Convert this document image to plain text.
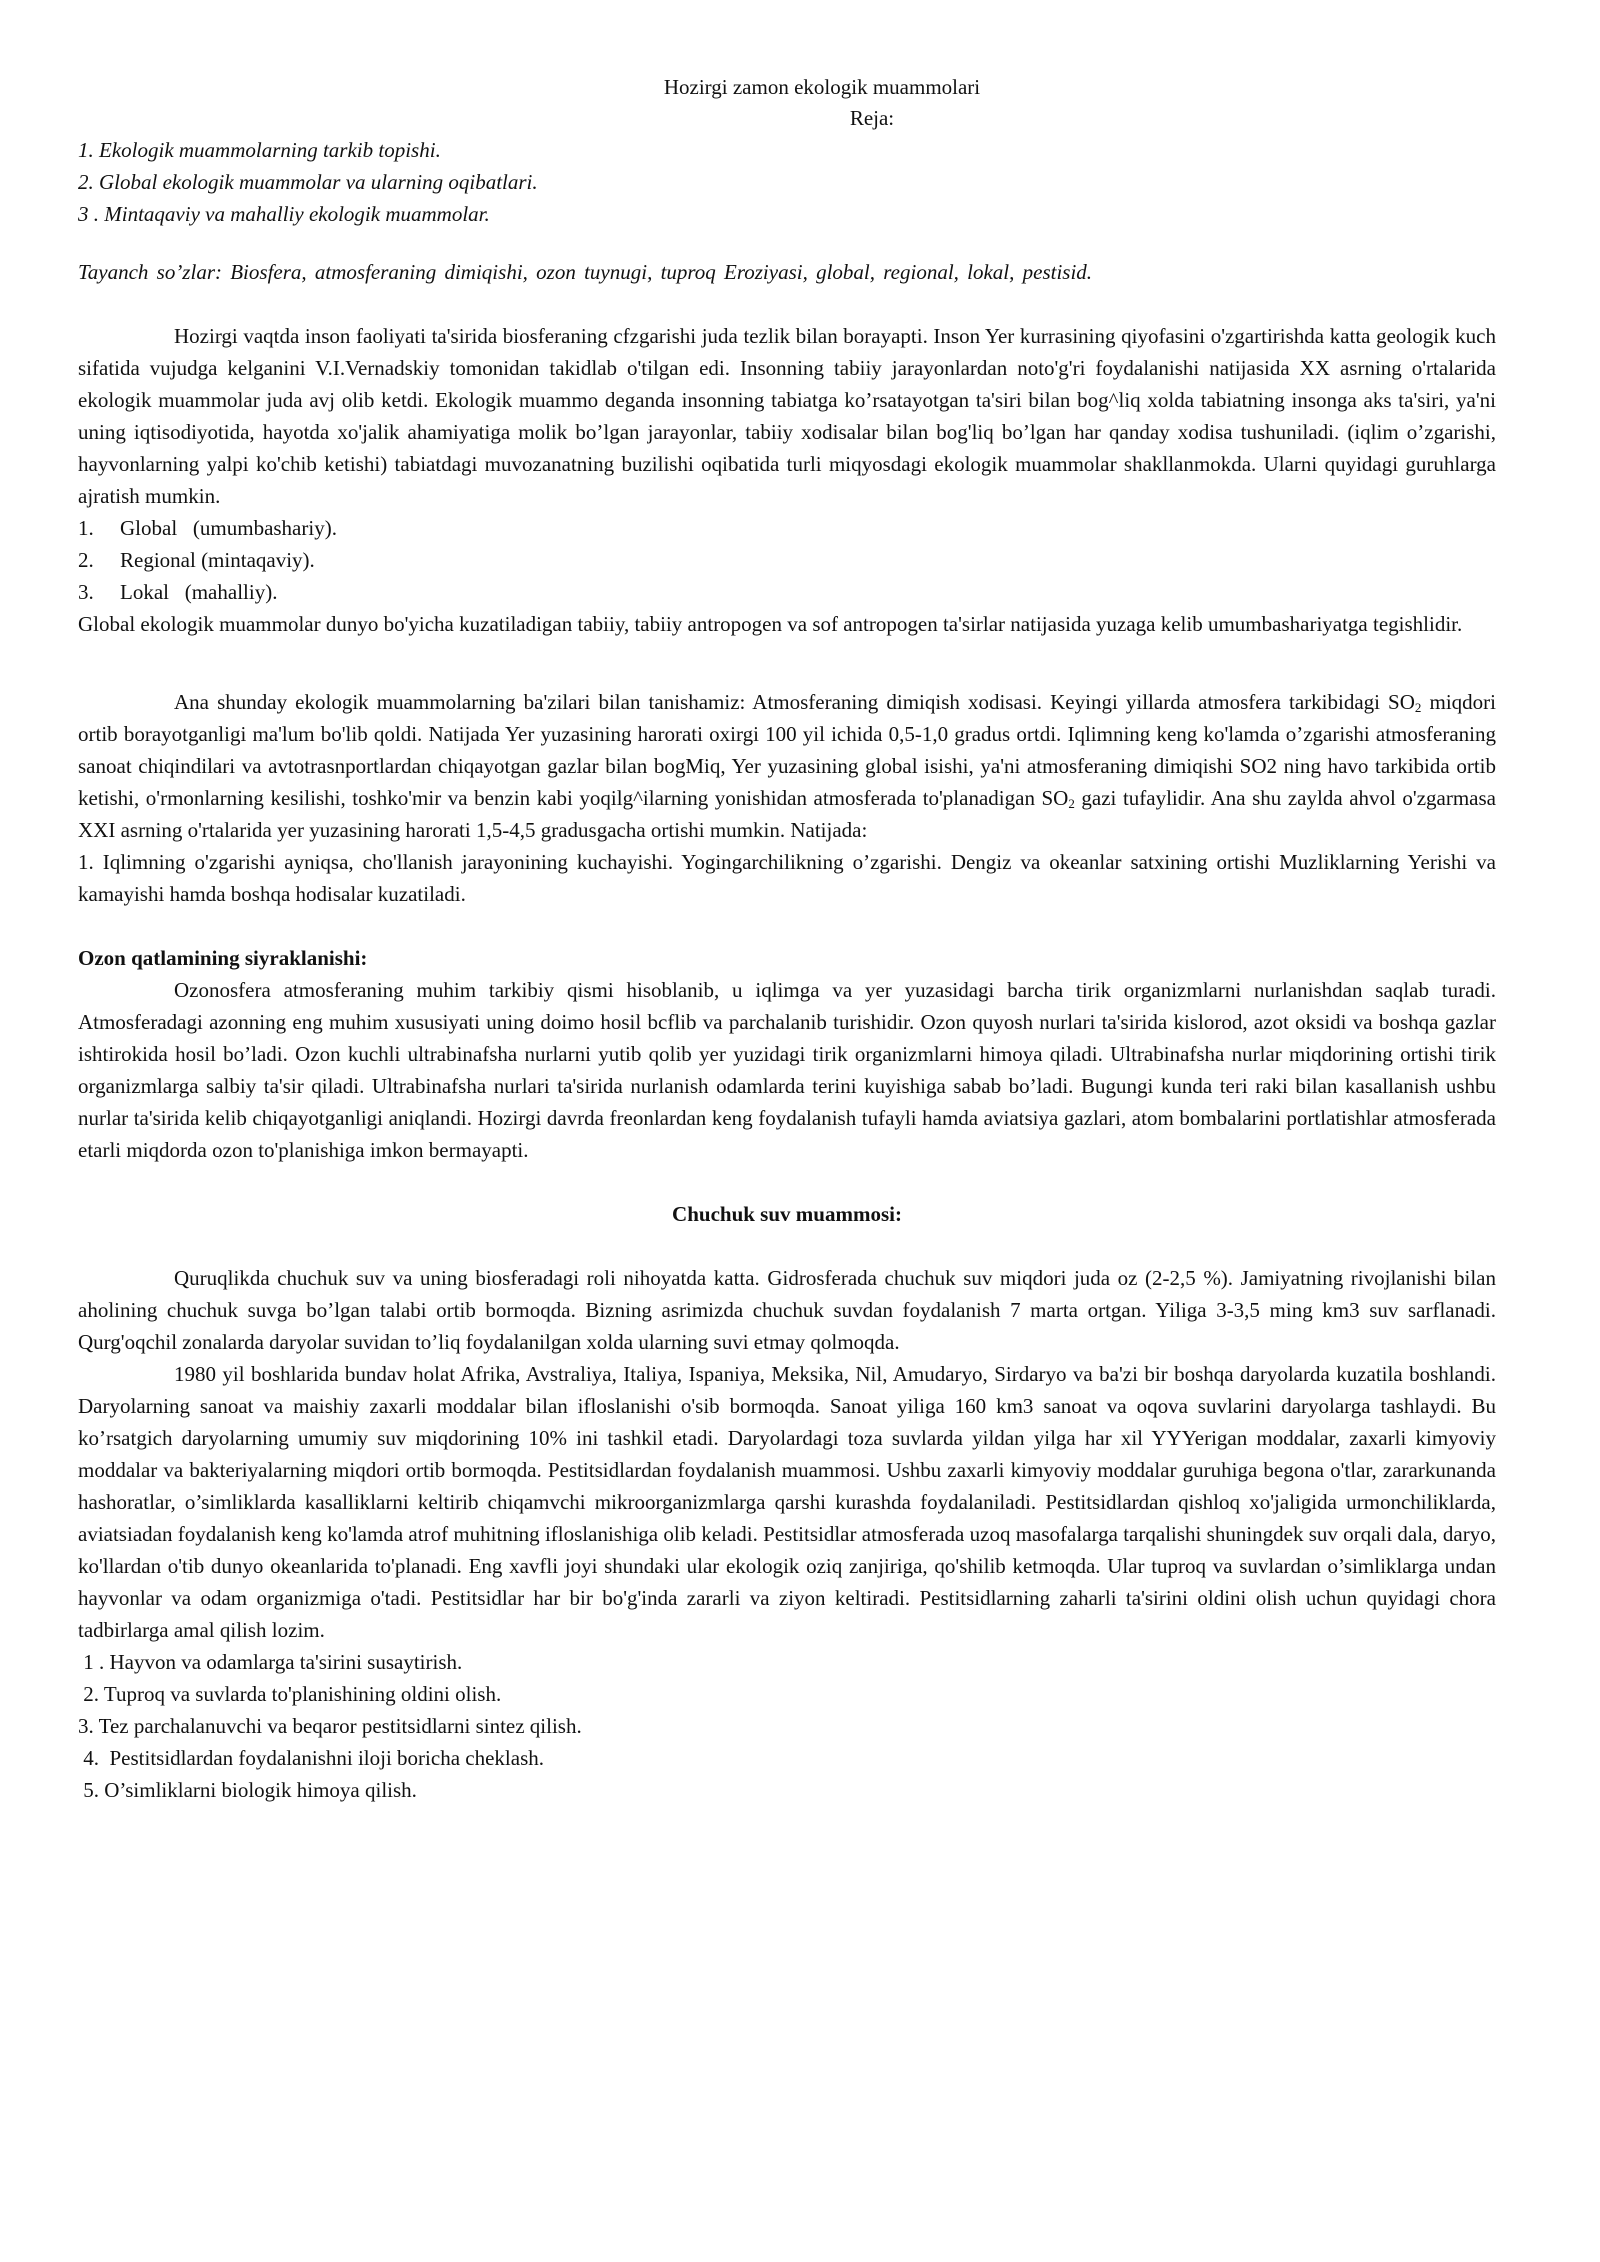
Hozirgi zamon ekologik muammolari
Reja:
1. Ekologik muammolarning tarkib topishi.
2. Global ekologik muammolar va ularning oqibatlari.
3 . Mintaqaviy va mahalliy ekologik muammolar.
Tayanch so’zlar: Biosfera, atmosferaning dimiqishi, ozon tuynugi, tuproq Eroziyasi, global, regional, lokal, pestisid.

Hozirgi vaqtda inson faoliyati ta'sirida biosferaning cfzgarishi juda tezlik bilan borayapti. Inson Yer kurrasining qiyofasini o'zgartirishda katta geologik kuch sifatida vujudga kelganini V.I.Vernadskiy tomonidan takidlab o'tilgan edi. Insonning tabiiy jarayonlardan noto'g'ri foydalanishi natijasida XX asrning o'rtalarida ekologik muammolar juda avj olib ketdi. Ekologik muammo deganda insonning tabiatga ko’rsatayotgan ta'siri bilan bog^liq xolda tabiatning insonga aks ta'siri, ya'ni uning iqtisodiyotida, hayotda xo'jalik ahamiyatiga molik bo’lgan jarayonlar, tabiiy xodisalar bilan bog'liq bo’lgan har qanday xodisa tushuniladi. (iqlim o’zgarishi, hayvonlarning yalpi ko'chib ketishi) tabiatdagi muvozanatning buzilishi oqibatida turli miqyosdagi ekologik muammolar shakllanmokda. Ularni quyidagi guruhlarga ajratish mumkin.

1.     Global   (umumbashariy).
2.     Regional (mintaqaviy).
3.     Lokal   (mahalliy).

Global ekologik muammolar dunyo bo'yicha kuzatiladigan tabiiy, tabiiy antropogen va sof antropogen ta'sirlar natijasida yuzaga kelib umumbashariyatga tegishlidir.

Ana shunday ekologik muammolarning ba'zilari bilan tanishamiz: Atmosferaning dimiqish xodisasi. Keyingi yillarda atmosfera tarkibidagi $SO_2$ miqdori ortib borayotganligi ma'lum bo'lib qoldi. Natijada Yer yuzasining harorati oxirgi 100 yil ichida 0,5-1,0 gradus ortdi. Iqlimning keng ko'lamda o’zgarishi atmosferaning sanoat chiqindilari va avtotrasnportlardan chiqayotgan gazlar bilan bogMiq, Yer yuzasining global isishi, ya'ni atmosferaning dimiqishi SO2 ning havo tarkibida ortib ketishi, o'rmonlarning kesilishi, toshko'mir va benzin kabi yoqilg^ilarning yonishidan atmosferada to'planadigan $SO_2$ gazi tufaylidir. Ana shu zaylda ahvol o'zgarmasa XXI asrning o'rtalarida yer yuzasining harorati 1,5-4,5 gradusgacha ortishi mumkin. Natijada:

1. Iqlimning o'zgarishi ayniqsa, cho'llanish jarayonining kuchayishi. Yogingarchilikning o’zgarishi. Dengiz va okeanlar satxining ortishi Muzliklarning Yerishi va kamayishi hamda boshqa hodisalar kuzatiladi.

Ozon qatlamining siyraklanishi:

Ozonosfera atmosferaning muhim tarkibiy qismi hisoblanib, u iqlimga va yer yuzasidagi barcha tirik organizmlarni nurlanishdan saqlab turadi. Atmosferadagi azonning eng muhim xususiyati uning doimo hosil bcflib va parchalanib turishidir. Ozon quyosh nurlari ta'sirida kislorod, azot oksidi va boshqa gazlar ishtirokida hosil bo’ladi. Ozon kuchli ultrabinafsha nurlarni yutib qolib yer yuzidagi tirik organizmlarni himoya qiladi. Ultrabinafsha nurlar miqdorining ortishi tirik organizmlarga salbiy ta'sir qiladi. Ultrabinafsha nurlari ta'sirida nurlanish odamlarda terini kuyishiga sabab bo’ladi. Bugungi kunda teri raki bilan kasallanish ushbu nurlar ta'sirida kelib chiqayotganligi aniqlandi. Hozirgi davrda freonlardan keng foydalanish tufayli hamda aviatsiya gazlari, atom bombalarini portlatishlar atmosferada etarli miqdorda ozon to'planishiga imkon bermayapti.

Chuchuk suv muammosi:

Quruqlikda chuchuk suv va uning biosferadagi roli nihoyatda katta. Gidrosferada chuchuk suv miqdori juda oz (2-2,5 %). Jamiyatning rivojlanishi bilan aholining chuchuk suvga bo’lgan talabi ortib bormoqda. Bizning asrimizda chuchuk suvdan foydalanish 7 marta ortgan. Yiliga 3-3,5 ming km3 suv sarflanadi. Qurg'oqchil zonalarda daryolar suvidan to’liq foydalanilgan xolda ularning suvi etmay qolmoqda.

1980 yil boshlarida bundav holat Afrika, Avstraliya, Italiya, Ispaniya, Meksika, Nil, Amudaryo, Sirdaryo va ba'zi bir boshqa daryolarda kuzatila boshlandi. Daryolarning sanoat va maishiy zaxarli moddalar bilan ifloslanishi o'sib bormoqda. Sanoat yiliga 160 km3 sanoat va oqova suvlarini daryolarga tashlaydi. Bu ko’rsatgich daryolarning umumiy suv miqdorining 10% ini tashkil etadi. Daryolardagi toza suvlarda yildan yilga har xil YYYerigan moddalar, zaxarli kimyoviy moddalar va bakteriyalarning miqdori ortib bormoqda. Pestitsidlardan foydalanish muammosi. Ushbu zaxarli kimyoviy moddalar guruhiga begona o'tlar, zararkunanda hashoratlar, o’simliklarda kasalliklarni keltirib chiqamvchi mikroorganizmlarga qarshi kurashda foydalaniladi. Pestitsidlardan qishloq xo'jaligida urmonchiliklarda, aviatsiadan foydalanish keng ko'lamda atrof muhitning ifloslanishiga olib keladi. Pestitsidlar atmosferada uzoq masofalarga tarqalishi shuningdek suv orqali dala, daryo, ko'llardan o'tib dunyo okeanlarida to'planadi. Eng xavfli joyi shundaki ular ekologik oziq zanjiriga, qo'shilib ketmoqda. Ular tuproq va suvlardan o’simliklarga undan hayvonlar va odam organizmiga o'tadi. Pestitsidlar har bir bo'g'inda zararli va ziyon keltiradi. Pestitsidlarning zaharli ta'sirini oldini olish uchun quyidagi chora tadbirlarga amal qilish lozim.

1 . Hayvon va odamlarga ta'sirini susaytirish.
2. Tuproq va suvlarda to'planishining oldini olish.
3. Tez parchalanuvchi va beqaror pestitsidlarni sintez qilish.
4.  Pestitsidlardan foydalanishni iloji boricha cheklash.
5. O’simliklarni biologik himoya qilish.
